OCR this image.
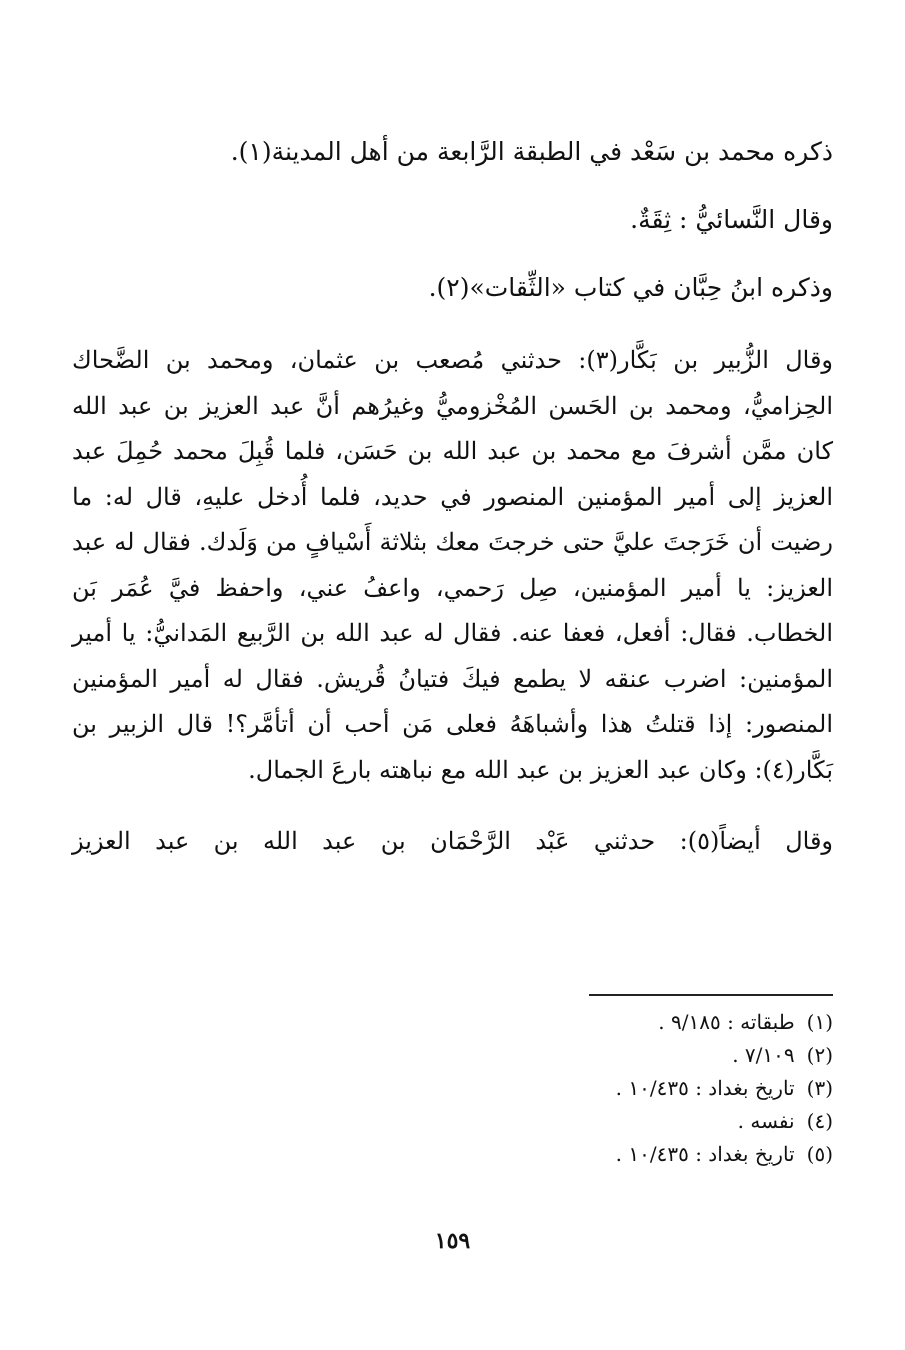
ذكره محمد بن سَعْد في الطبقة الرَّابعة من أهل المدينة(١).

وقال النَّسائيُّ : ثِقَةٌ.

وذكره ابنُ حِبَّان في كتاب «الثِّقات»(٢).

وقال الزُّبير بن بَكَّار(٣): حدثني مُصعب بن عثمان، ومحمد بن الضَّحاك الحِزاميُّ، ومحمد بن الحَسن المُخْزوميُّ وغيرُهم أنَّ عبد العزيز بن عبد الله كان ممَّن أشرفَ مع محمد بن عبد الله بن حَسَن، فلما قُبِلَ محمد حُمِلَ عبد العزيز إلى أمير المؤمنين المنصور في حديد، فلما أُدخل عليهِ، قال له: ما رضيت أن خَرَجتَ عليَّ حتى خرجتَ معك بثلاثة أَسْيافٍ من وَلَدك. فقال له عبد العزيز: يا أمير المؤمنين، صِل رَحمي، واعفُ عني، واحفظ فيَّ عُمَر بَن الخطاب. فقال: أفعل، فعفا عنه. فقال له عبد الله بن الرَّبيع المَدانيُّ: يا أمير المؤمنين: اضرب عنقه لا يطمع فيكَ فتيانُ قُريش. فقال له أمير المؤمنين المنصور: إذا قتلتُ هذا وأشباهَهُ فعلى مَن أحب أن أتأمَّر؟! قال الزبير بن بَكَّار(٤): وكان عبد العزيز بن عبد الله مع نباهته بارعَ الجمال.

وقال أيضاً(٥): حدثني عَبْد الرَّحْمَان بن عبد الله بن عبد العزيز

(١)
طبقاته : ٩/١٨٥ .
(٢)
٧/١٠٩ .
(٣)
تاريخ بغداد : ١٠/٤٣٥ .
(٤)
نفسه .
(٥)
تاريخ بغداد : ١٠/٤٣٥ .
١٥٩
